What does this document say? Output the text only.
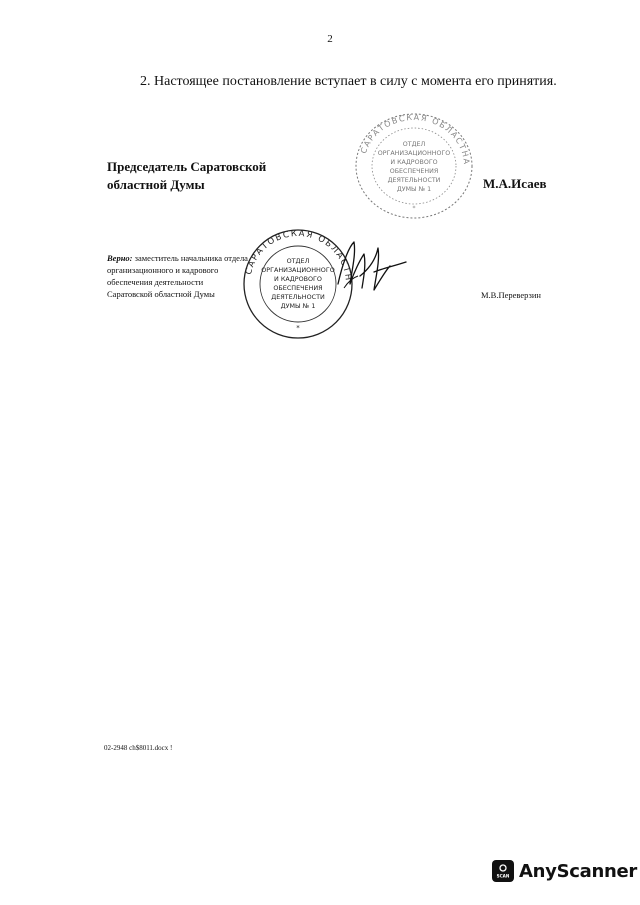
2
2. Настоящее постановление вступает в силу с момента его принятия.
САРАТОВСКАЯ ОБЛАСТНАЯ ДУМА
ОТДЕЛ
ОРГАНИЗАЦИОННОГО
И КАДРОВОГО
ОБЕСПЕЧЕНИЯ
ДЕЯТЕЛЬНОСТИ
ДУМЫ № 1
*
Председатель Саратовской
областной Думы	М.А.Исаев
Верно: заместитель начальника отдела
организационного и кадрового
обеспечения деятельности
Саратовской областной Думы
САРАТОВСКАЯ ОБЛАСТНАЯ ДУМА
ОТДЕЛ
ОРГАНИЗАЦИОННОГО
И КАДРОВОГО
ОБЕСПЕЧЕНИЯ
ДЕЯТЕЛЬНОСТИ
ДУМЫ № 1
*
М.В.Переверзин
02-2948 ch$8011.docx !
SCAN AnyScanner
